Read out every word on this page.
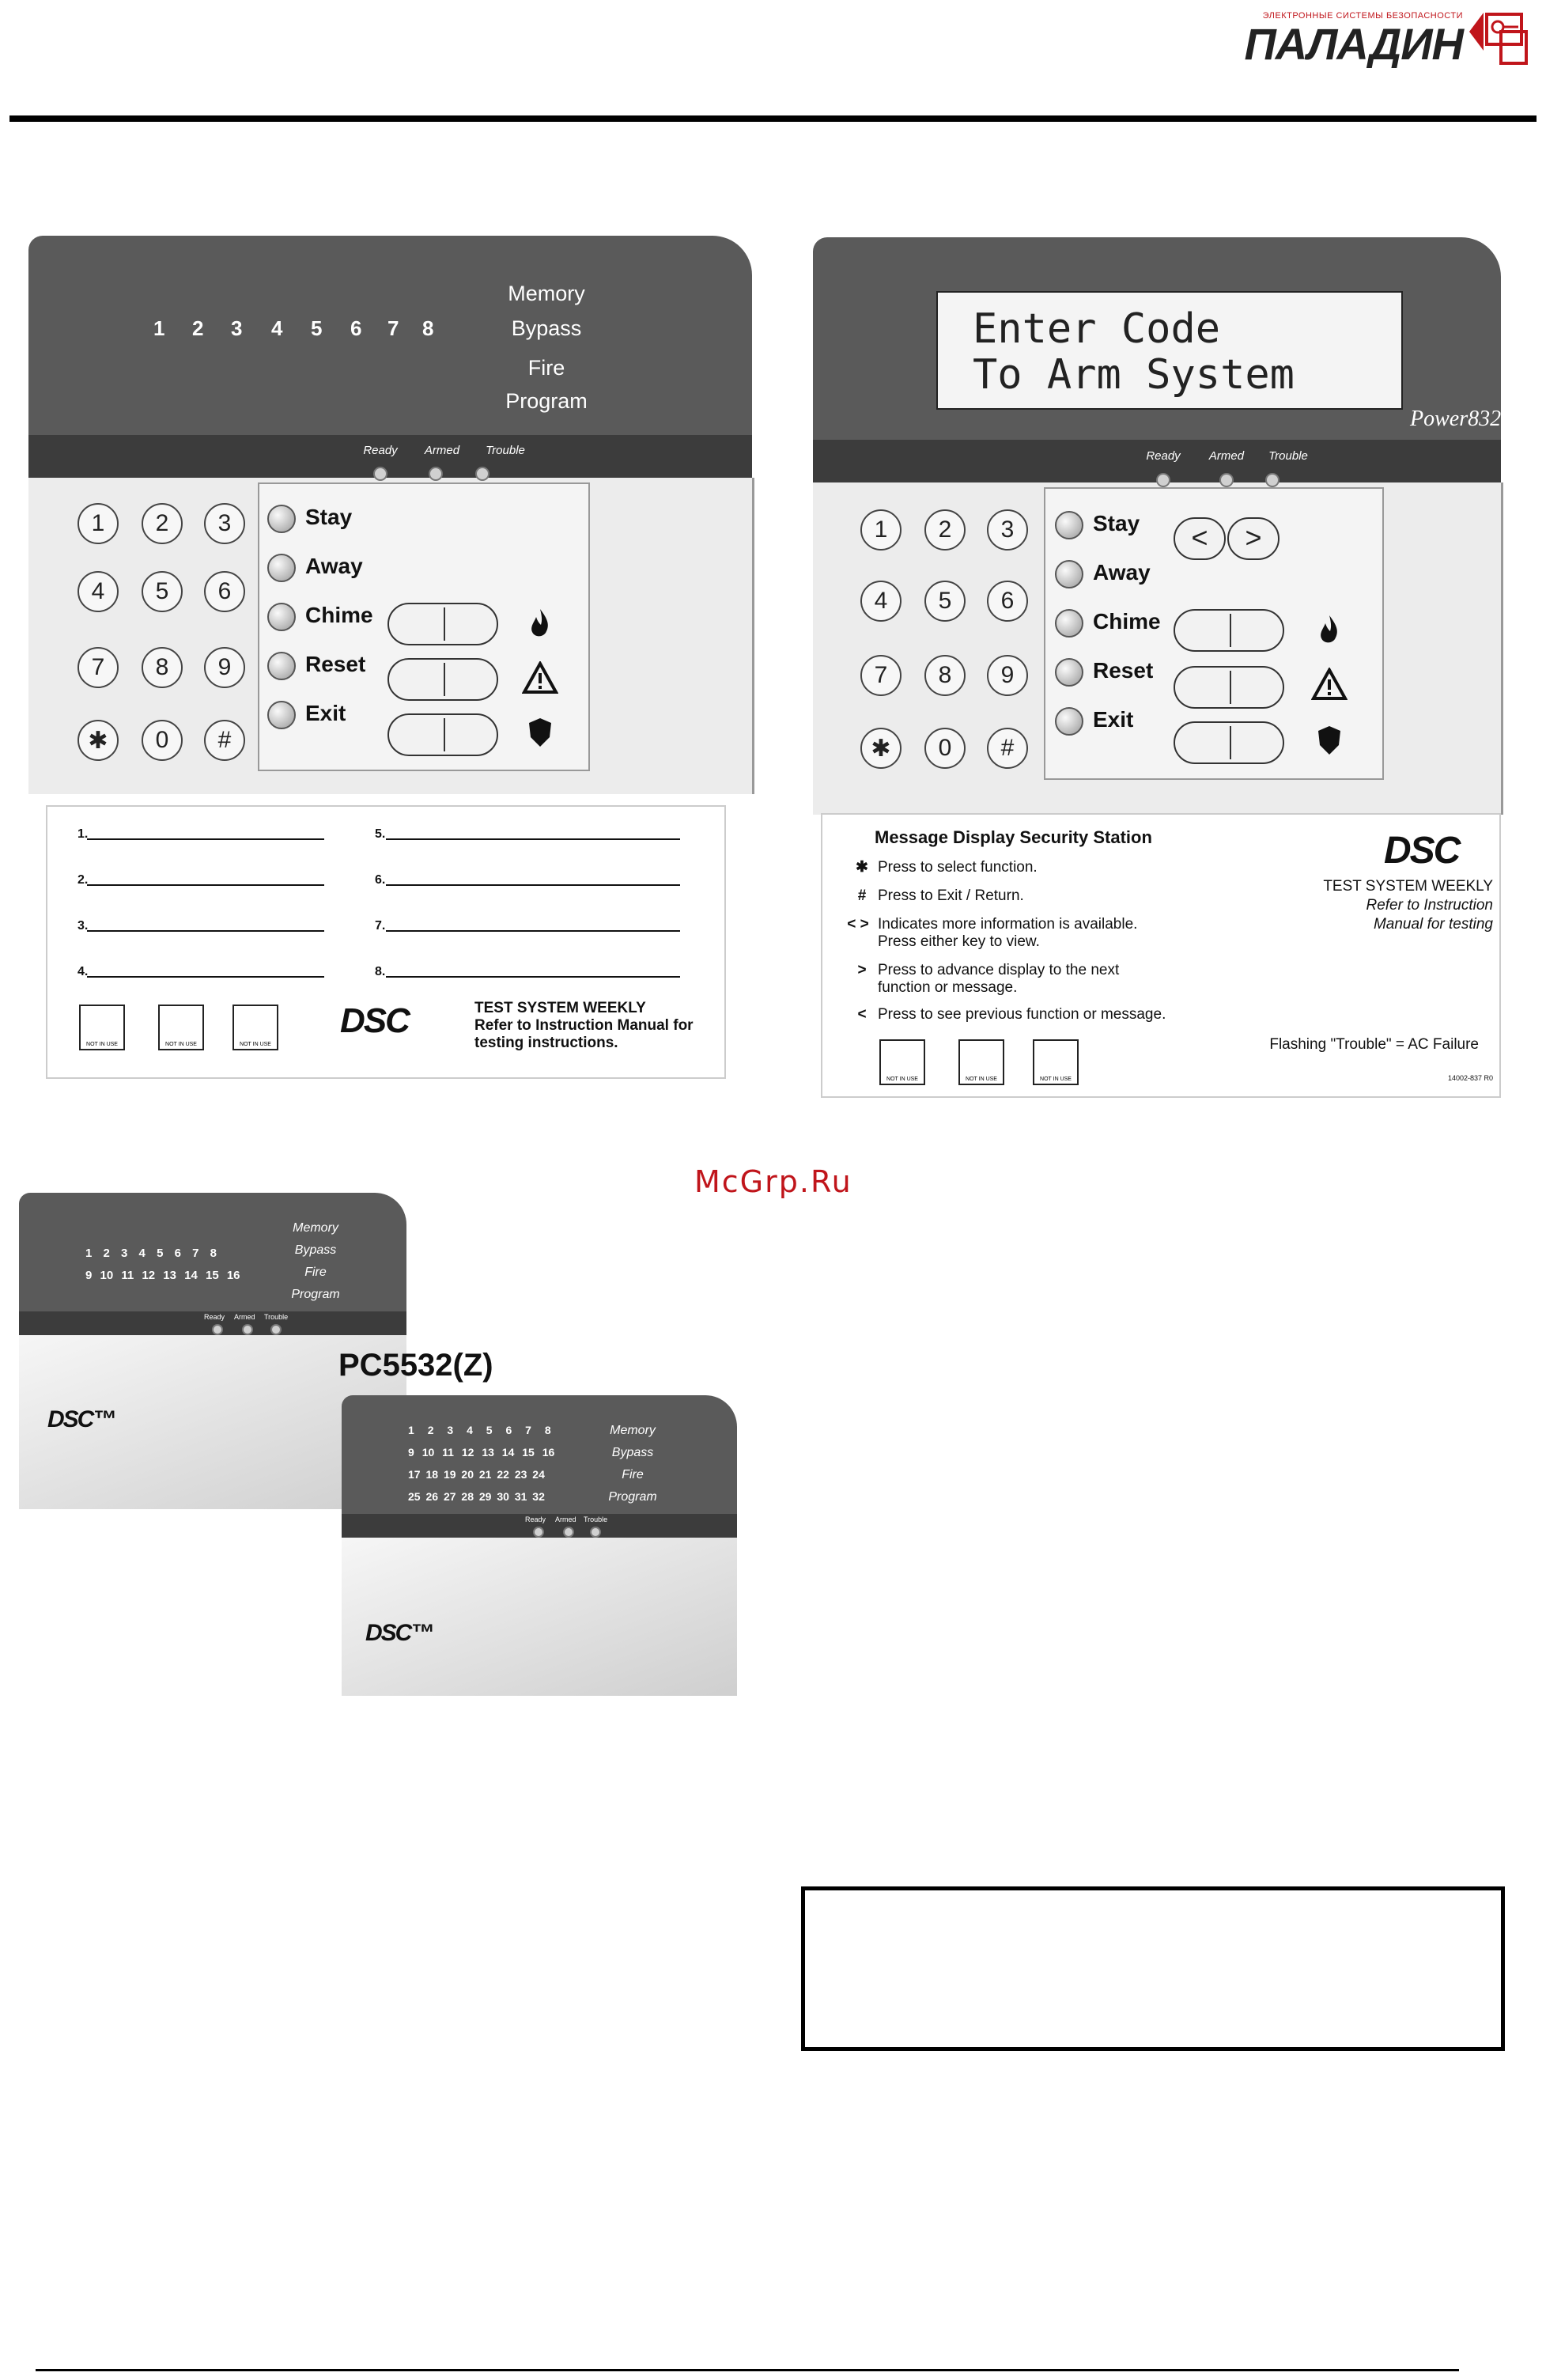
ЭЛЕКТРОННЫЕ СИСТЕМЫ БЕЗОПАСНОСТИ
ПАЛАДИН
1 2 3 4 5 6 7 8
Memory
Bypass
Fire
Program
Ready	Armed	Trouble
1	2	3
4	5	6
7	8	9
✱	0	#
Stay
Away
Chime
Reset
Exit
1.
2.
3.
4.
5.
6.
7.
8.
NOT IN USE	NOT IN USE	NOT IN USE
DSC	TEST SYSTEM WEEKLY
Refer to Instruction Manual for testing instructions.
Enter Code
To Arm System
Power832
Ready	Armed	Trouble
1	2	3
4	5	6
7	8	9
✱	0	#
Stay
Away
Chime
Reset
Exit
<	>
Message Display Security Station
✱ Press to select function.
# Press to Exit / Return.
< > Indicates more information is available. Press either key to view.
> Press to advance display to the next function or message.
< Press to see previous function or message.
DSC
TEST SYSTEM WEEKLY
Refer to Instruction
Manual for testing
Flashing "Trouble" = AC Failure
14002-837 R0
NOT IN USE	NOT IN USE	NOT IN USE
McGrp.Ru
1 2 3 4 5 6 7 8
9 10 11 12 13 14 15 16
Memory
Bypass
Fire
Program
Ready Armed Trouble
DSC™
PC5532(Z)
1 2 3 4 5 6 7 8
9 10 11 12 13 14 15 16
17 18 19 20 21 22 23 24
25 26 27 28 29 30 31 32
Memory
Bypass
Fire
Program
Ready Armed Trouble
DSC™
